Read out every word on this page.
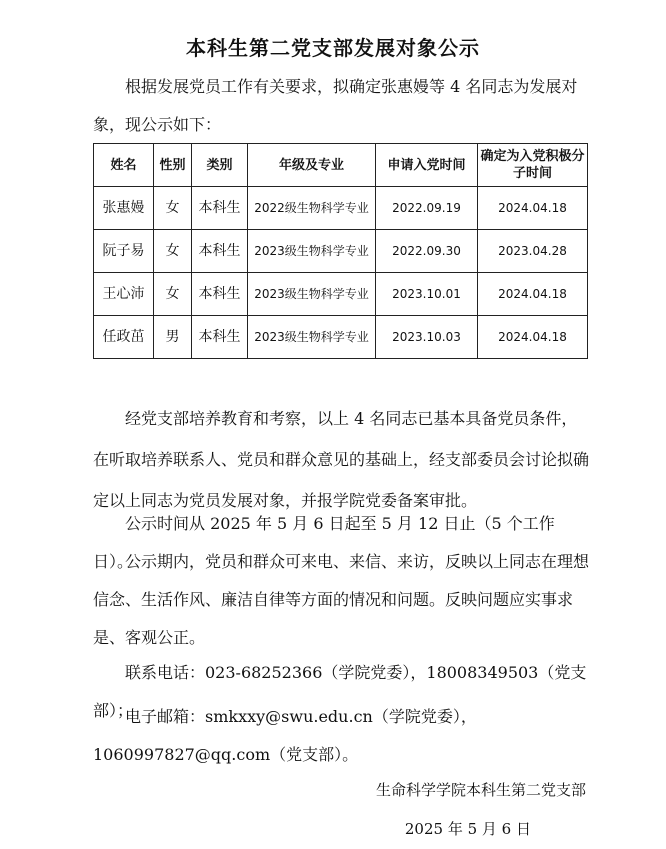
本科生第二党支部发展对象公示

根据发展党员工作有关要求，拟确定张惠嫚等 4 名同志为发展对象，现公示如下：

姓名	性别	类别	年级及专业	申请入党时间	确定为入党积极分子时间
张惠嫚	女	本科生	2022级生物科学专业	2022.09.19	2024.04.18
阮子易	女	本科生	2023级生物科学专业	2022.09.30	2023.04.28
王心沛	女	本科生	2023级生物科学专业	2023.10.01	2024.04.18
任政茁	男	本科生	2023级生物科学专业	2023.10.03	2024.04.18

经党支部培养教育和考察，以上 4 名同志已基本具备党员条件，在听取培养联系人、党员和群众意见的基础上，经支部委员会讨论拟确定以上同志为党员发展对象，并报学院党委备案审批。

公示时间从 2025 年 5 月 6 日起至 5 月 12 日止（5 个工作日）。

公示期内，党员和群众可来电、来信、来访，反映以上同志在理想信念、生活作风、廉洁自律等方面的情况和问题。反映问题应实事求是、客观公正。

联系电话：023-68252366（学院党委），18008349503（党支部）；

电子邮箱：smkxxy@swu.edu.cn（学院党委），1060997827@qq.com（党支部）。

生命科学学院本科生第二党支部
2025 年 5 月 6 日
